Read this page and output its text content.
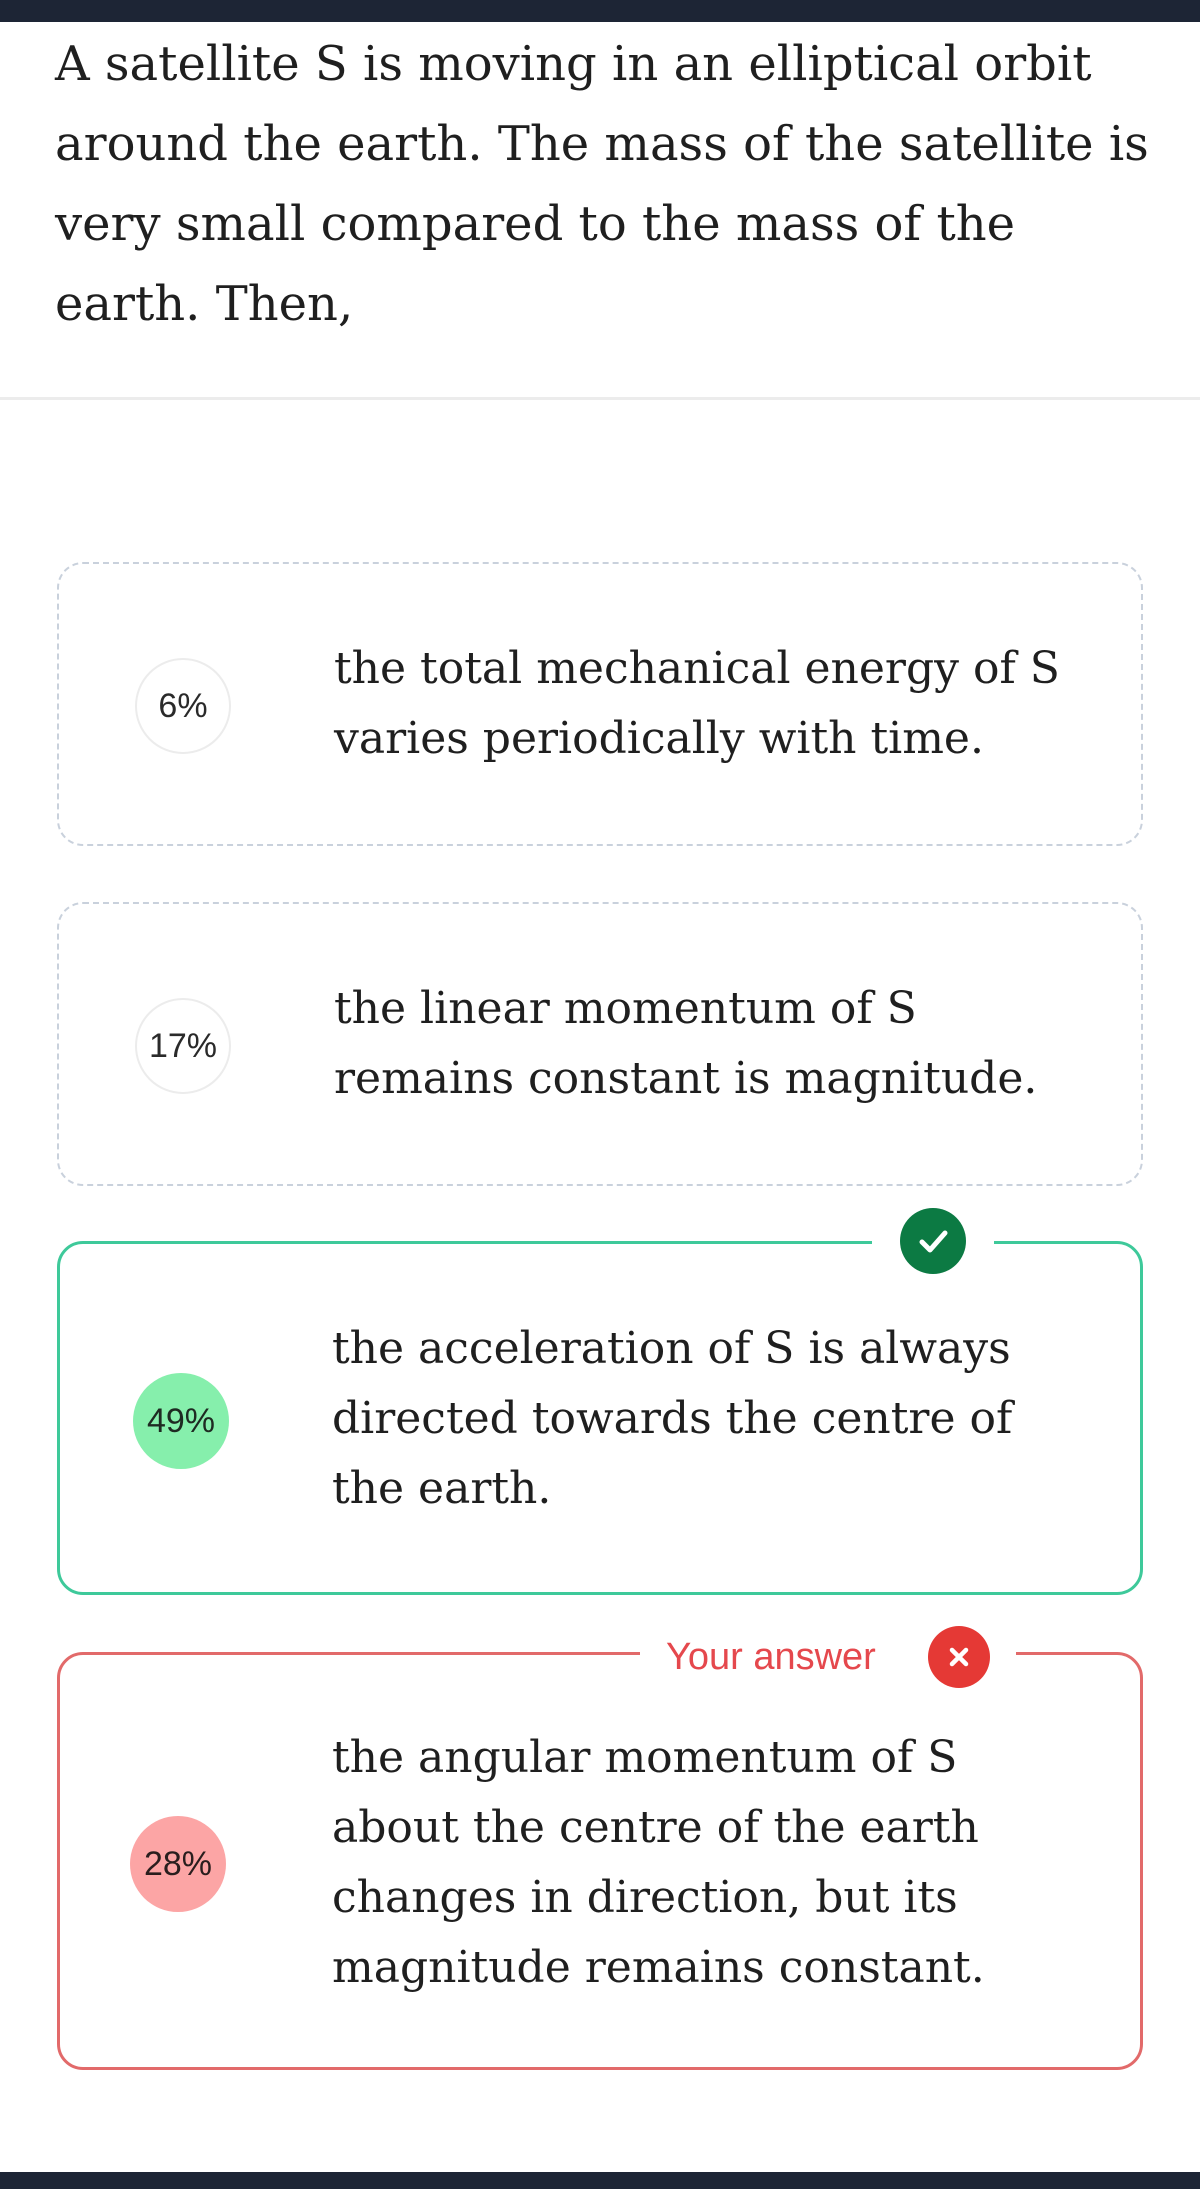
A satellite S is moving in an elliptical orbit around the earth. The mass of the satellite is very small compared to the mass of the earth. Then,

6%
the total mechanical energy of S varies periodically with time.
17%
the linear momentum of S remains constant is magnitude.
49%
the acceleration of S is always directed towards the centre of the earth.
28%
the angular momentum of S about the centre of the earth changes in direction, but its magnitude remains constant.
Your answer
